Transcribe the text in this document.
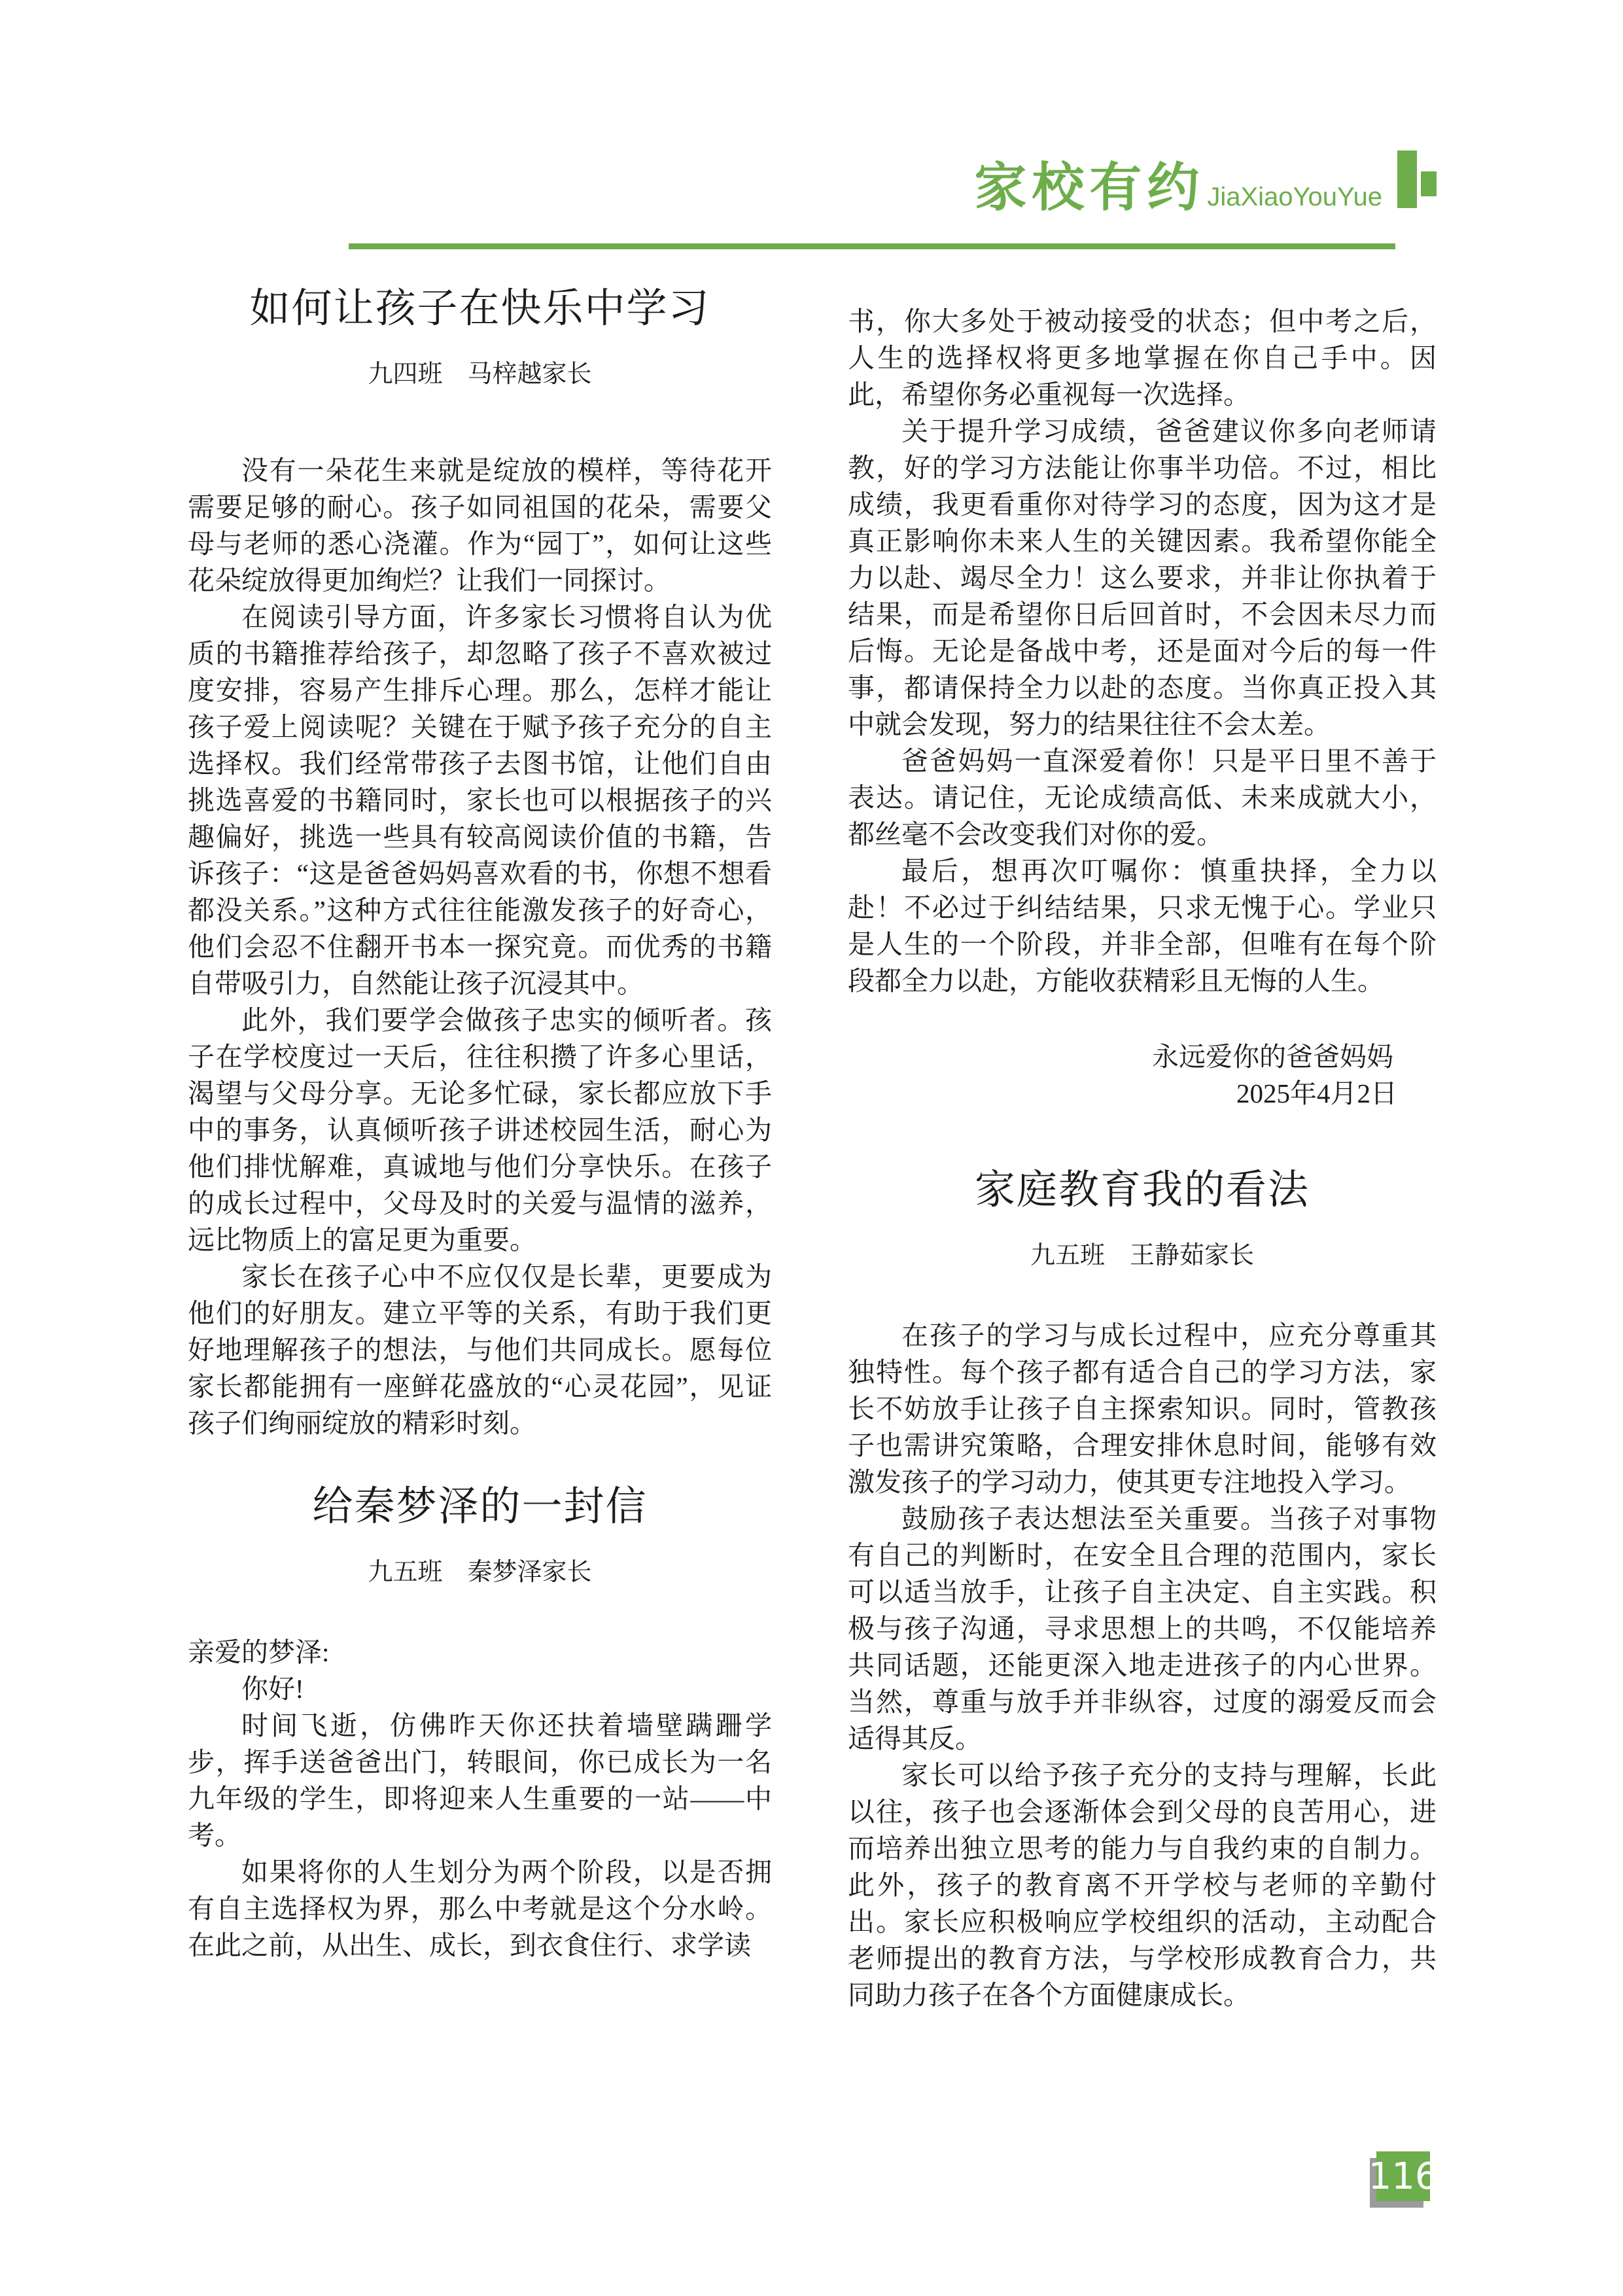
家校有约 JiaXiaoYouYue
如何让孩子在快乐中学习
九四班　马梓越家长

没有一朵花生来就是绽放的模样，等待花开需要足够的耐心。孩子如同祖国的花朵，需要父母与老师的悉心浇灌。作为“园丁”，如何让这些花朵绽放得更加绚烂？让我们一同探讨。

在阅读引导方面，许多家长习惯将自认为优质的书籍推荐给孩子，却忽略了孩子不喜欢被过度安排，容易产生排斥心理。那么，怎样才能让孩子爱上阅读呢？关键在于赋予孩子充分的自主选择权。我们经常带孩子去图书馆，让他们自由挑选喜爱的书籍同时，家长也可以根据孩子的兴趣偏好，挑选一些具有较高阅读价值的书籍，告诉孩子：“这是爸爸妈妈喜欢看的书，你想不想看都没关系。”这种方式往往能激发孩子的好奇心，他们会忍不住翻开书本一探究竟。而优秀的书籍自带吸引力，自然能让孩子沉浸其中。

此外，我们要学会做孩子忠实的倾听者。孩子在学校度过一天后，往往积攒了许多心里话，渴望与父母分享。无论多忙碌，家长都应放下手中的事务，认真倾听孩子讲述校园生活，耐心为他们排忧解难，真诚地与他们分享快乐。在孩子的成长过程中，父母及时的关爱与温情的滋养，远比物质上的富足更为重要。

家长在孩子心中不应仅仅是长辈，更要成为他们的好朋友。建立平等的关系，有助于我们更好地理解孩子的想法，与他们共同成长。愿每位家长都能拥有一座鲜花盛放的“心灵花园”，见证孩子们绚丽绽放的精彩时刻。

给秦梦泽的一封信
九五班　秦梦泽家长

亲爱的梦泽:

你好!

时间飞逝，仿佛昨天你还扶着墙壁蹒跚学步，挥手送爸爸出门，转眼间，你已成长为一名九年级的学生，即将迎来人生重要的一站——中考。

如果将你的人生划分为两个阶段，以是否拥有自主选择权为界，那么中考就是这个分水岭。在此之前，从出生、成长，到衣食住行、求学读

书，你大多处于被动接受的状态；但中考之后，人生的选择权将更多地掌握在你自己手中。因此，希望你务必重视每一次选择。

关于提升学习成绩，爸爸建议你多向老师请教，好的学习方法能让你事半功倍。不过，相比成绩，我更看重你对待学习的态度，因为这才是真正影响你未来人生的关键因素。我希望你能全力以赴、竭尽全力！这么要求，并非让你执着于结果，而是希望你日后回首时，不会因未尽力而后悔。无论是备战中考，还是面对今后的每一件事，都请保持全力以赴的态度。当你真正投入其中就会发现，努力的结果往往不会太差。

爸爸妈妈一直深爱着你！只是平日里不善于表达。请记住，无论成绩高低、未来成就大小，都丝毫不会改变我们对你的爱。

最后，想再次叮嘱你：慎重抉择，全力以赴！不必过于纠结结果，只求无愧于心。学业只是人生的一个阶段，并非全部，但唯有在每个阶段都全力以赴，方能收获精彩且无悔的人生。

永远爱你的爸爸妈妈

2025年4月2日

家庭教育我的看法
九五班　王静茹家长

在孩子的学习与成长过程中，应充分尊重其独特性。每个孩子都有适合自己的学习方法，家长不妨放手让孩子自主探索知识。同时，管教孩子也需讲究策略，合理安排休息时间，能够有效激发孩子的学习动力，使其更专注地投入学习。

鼓励孩子表达想法至关重要。当孩子对事物有自己的判断时，在安全且合理的范围内，家长可以适当放手，让孩子自主决定、自主实践。积极与孩子沟通，寻求思想上的共鸣，不仅能培养共同话题，还能更深入地走进孩子的内心世界。当然，尊重与放手并非纵容，过度的溺爱反而会适得其反。

家长可以给予孩子充分的支持与理解，长此以往，孩子也会逐渐体会到父母的良苦用心，进而培养出独立思考的能力与自我约束的自制力。此外，孩子的教育离不开学校与老师的辛勤付出。家长应积极响应学校组织的活动，主动配合老师提出的教育方法，与学校形成教育合力，共同助力孩子在各个方面健康成长。

116
